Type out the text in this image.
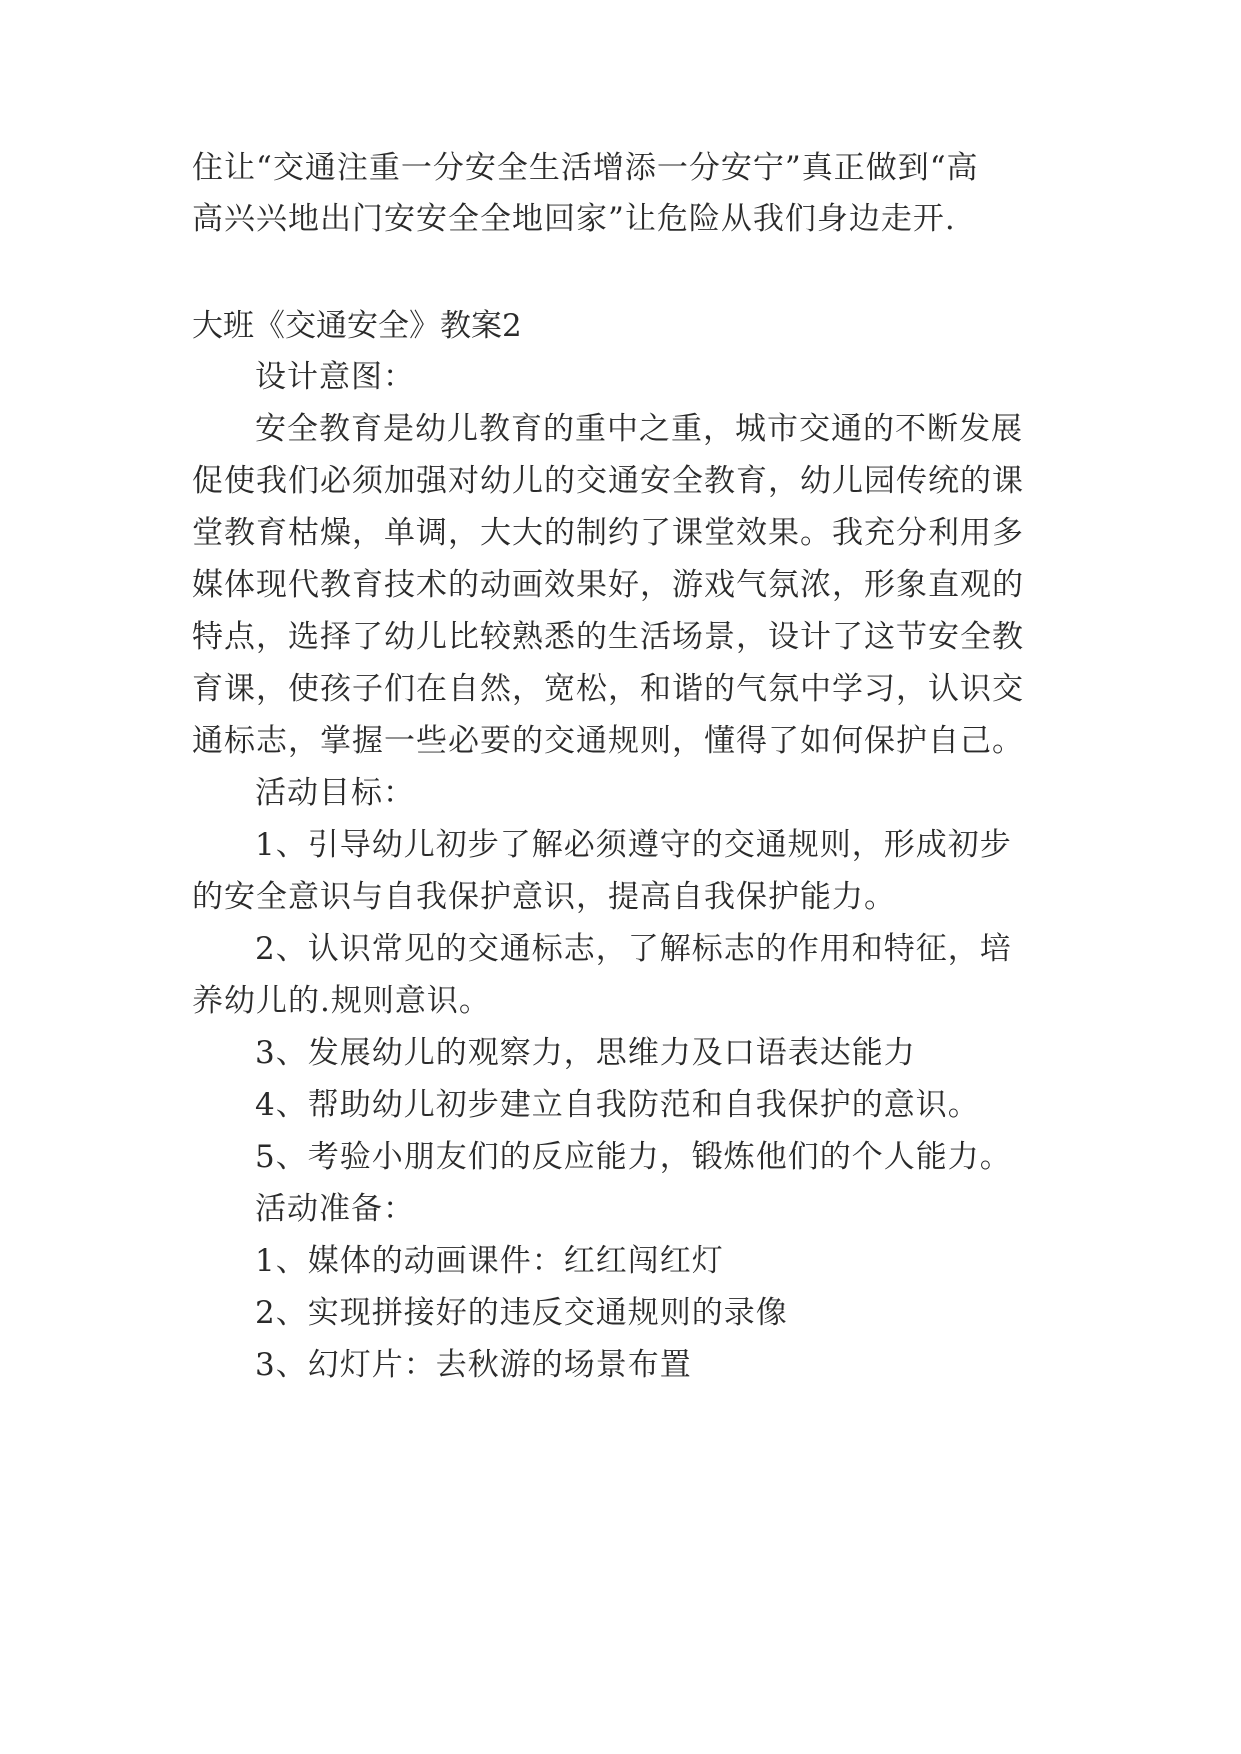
住让“交通注重一分安全生活增添一分安宁”真正做到“高
高兴兴地出门安安全全地回家”让危险从我们身边走开.
大班《交通安全》教案2
设计意图：
安全教育是幼儿教育的重中之重，城市交通的不断发展
促使我们必须加强对幼儿的交通安全教育，幼儿园传统的课
堂教育枯燥，单调，大大的制约了课堂效果。我充分利用多
媒体现代教育技术的动画效果好，游戏气氛浓，形象直观的
特点，选择了幼儿比较熟悉的生活场景，设计了这节安全教
育课，使孩子们在自然，宽松，和谐的气氛中学习，认识交
通标志，掌握一些必要的交通规则，懂得了如何保护自己。
活动目标：
1、引导幼儿初步了解必须遵守的交通规则，形成初步
的安全意识与自我保护意识，提高自我保护能力。
2、认识常见的交通标志，了解标志的作用和特征，培
养幼儿的.规则意识。
3、发展幼儿的观察力，思维力及口语表达能力
4、帮助幼儿初步建立自我防范和自我保护的意识。
5、考验小朋友们的反应能力，锻炼他们的个人能力。
活动准备：
1、媒体的动画课件：红红闯红灯
2、实现拼接好的违反交通规则的录像
3、幻灯片：去秋游的场景布置
